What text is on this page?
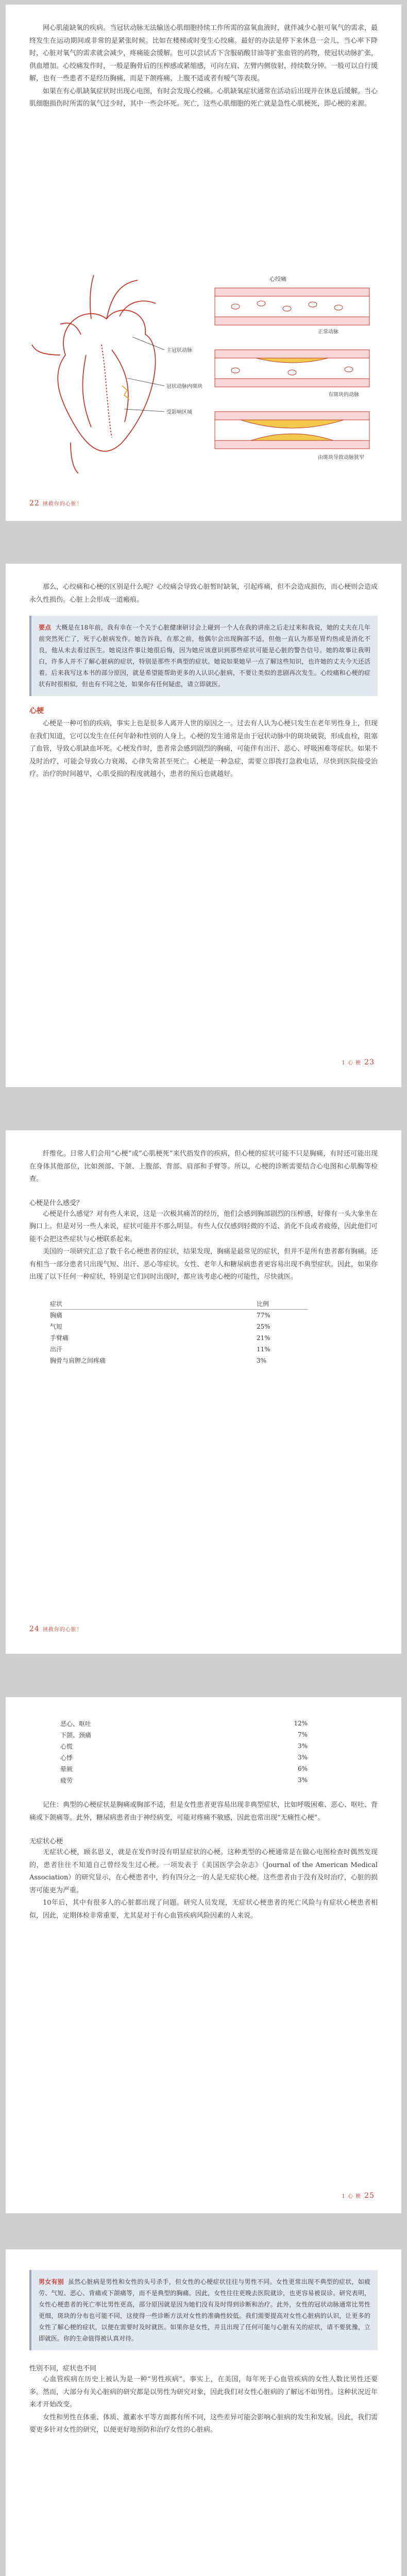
网心肌能缺氧的疾病。当冠状动脉无法输送心肌细胞持续工作所需的富氧血液时，就伴减少心脏可氧气的需求，最终发生在运动期间或非常的是紧张时候。比如在楼梯或时变生心绞痛。最好的办法是停下来休息一会儿，当心率下降时，心脏对氧气的需求就会减少，疼痛能会缓解。也可以尝试舌下含服硝酸甘油等扩张血管的药物，使冠状动脉扩张，供血增加。心绞痛发作时，一般是胸骨后的压榨感或紧缩感，可向左肩、左臂内侧放射，持续数分钟。一般可以自行缓解，也有一些患者不是经历胸痛，而是下颌疼痛、上腹不适或者有嗳气等表现。

如果在有心肌缺氧症状时出现心电图，有时会发现心绞痛。心肌缺氧症状通常在活动后出现并在休息后缓解。当心肌细胞损伤时所需的氧气过少时，其中一些会坏死。死亡，这些心肌细胞的死亡就是急性心肌梗死，即心梗的来源。

主冠状动脉
冠状动脉内斑块
受影响区域
心绞痛
正常动脉
有斑块的动脉
由斑块导致动脉狭窄
22 拯救你的心脏！

那么，心绞痛和心梗的区别是什么呢？心绞痛会导致心脏暂时缺氧，引起疼痛，但不会造成损伤，而心梗则会造成永久性损伤。心脏上会形成一道瘢痕。

要点 大概是在18年前，我有幸在一个关于心脏健康研讨会上碰到一个人在我的讲座之后走过来和我说，她的丈夫在几年前突然死亡了，死于心脏病发作。她告诉我，在那之前，他偶尔会出现胸部不适，但他一直认为那是胃灼热或是消化不良，他从未去看过医生。她说这件事让她很后悔，因为她应该意识到那些症状可能是心脏的警告信号。她的故事让我明白，许多人并不了解心脏病的症状，特别是那些不典型的症状。她说如果她早一点了解这些知识，也许她的丈夫今天还活着。后来我写这本书的部分原因，就是希望能帮助更多的人认识心脏病，不要让类似的悲剧再次发生。心绞痛和心梗的症状有时很相似，但也有不同之处，如果你有任何疑虑，请立即就医。
心梗

心梗是一种可怕的疾病，事实上也是很多人离开人世的原因之一。过去有人认为心梗只发生在老年男性身上，但现在我们知道，它可以发生在任何年龄和性别的人身上。心梗的发生通常是由于冠状动脉中的斑块破裂，形成血栓，阻塞了血管，导致心肌缺血坏死。心梗发作时，患者常会感到剧烈的胸痛，可能伴有出汗、恶心、呼吸困难等症状。如果不及时治疗，可能会导致心力衰竭、心律失常甚至死亡。心梗是一种急症，需要立即拨打急救电话，尽快到医院接受治疗。治疗的时间越早，心肌受损的程度就越小，患者的预后也就越好。

1 心 梗 23

纤维化。日常人们会用“心梗”或“心肌梗死”来代指发作的疾病，但心梗的症状可能不只是胸痛，有时还可能出现在身体其他部位，比如颈部、下颌、上腹部、背部、肩部和手臂等。所以，心梗的诊断需要结合心电图和心肌酶等检查。

心梗是什么感受？

心梗是什么感觉？对有些人来说，这是一次极其痛苦的经历，他们会感到胸部剧烈的压榨感，好像有一头大象坐在胸口上。但是对另一些人来说，症状可能并不那么明显。有些人仅仅感到轻微的不适、消化不良或者疲倦，因此他们可能不会把这些症状与心梗联系起来。

美国的一项研究汇总了数千名心梗患者的症状，结果发现，胸痛是最常见的症状，但并不是所有患者都有胸痛。还有相当一部分患者只出现气短、出汗、恶心等症状。女性、老年人和糖尿病患者更容易出现不典型症状。因此，如果你出现了以下任何一种症状，特别是它们同时出现时，都应该考虑心梗的可能性，尽快就医。

症状	比例
胸痛	77%
气短	25%
手臂痛	21%
出汗	11%
胸骨与肩胛之间疼痛	3%
24 拯救你的心脏！
恶心、呕吐	12%
下颌、颈痛	7%
心慌	3%
心悸	3%
晕厥	6%
疲劳	3%

记住：典型的心梗症状是胸痛或胸部不适，但是女性患者更容易出现非典型症状，比如呼吸困难、恶心、呕吐、背痛或下颌痛等。此外，糖尿病患者由于神经病变，可能对疼痛不敏感，因此也常出现“无痛性心梗”。

无症状心梗

无症状心梗，顾名思义，就是在发作时没有明显症状的心梗。这种类型的心梗通常是在做心电图检查时偶然发现的，患者往往不知道自己曾经发生过心梗。一项发表于《美国医学会杂志》（Journal of the American Medical Association）的研究显示，在心梗患者中，约有四分之一的人是无症状心梗。这些患者由于没有及时治疗，心脏的损害可能更为严重。

10年后，其中有很多人的心脏都出现了问题。研究人员发现，无症状心梗患者的死亡风险与有症状心梗患者相似，因此，定期体检非常重要，尤其是对于有心血管疾病风险因素的人来说。

1 心 梗 25
男女有别 虽然心脏病是男性和女性的头号杀手，但女性的心梗症状往往与男性不同。女性更常出现不典型的症状，如疲劳、气短、恶心、背痛或下颌痛等，而不是典型的胸痛。因此，女性往往更晚去医院就诊，也更容易被误诊。研究表明，女性心梗患者的死亡率比男性更高，部分原因就是因为她们没有及时得到诊断和治疗。此外，女性的冠状动脉通常比男性更细，斑块的分布也可能不同，这使得一些诊断方法对女性的准确性较低。我们需要提高对女性心脏病的认识，让更多的女性了解心梗的症状，以便在需要时及时就医。如果你是女性，并且出现了任何可能与心脏有关的症状，请不要犹豫，立即就医。你的生命值得被认真对待。
性别不同，症状也不同

心血管疾病在历史上被认为是一种“男性疾病”。事实上，在美国，每年死于心血管疾病的女性人数比男性还要多。然而，大部分有关心脏病的研究都是以男性为研究对象，因此我们对女性心脏病的了解远不如男性。这种状况近年来才开始改变。

女性和男性在体重、体质、激素水平等方面都有所不同，这些差异可能会影响心脏病的发生和发展。因此，我们需要更多针对女性的研究，以便更好地预防和治疗女性的心脏病。
